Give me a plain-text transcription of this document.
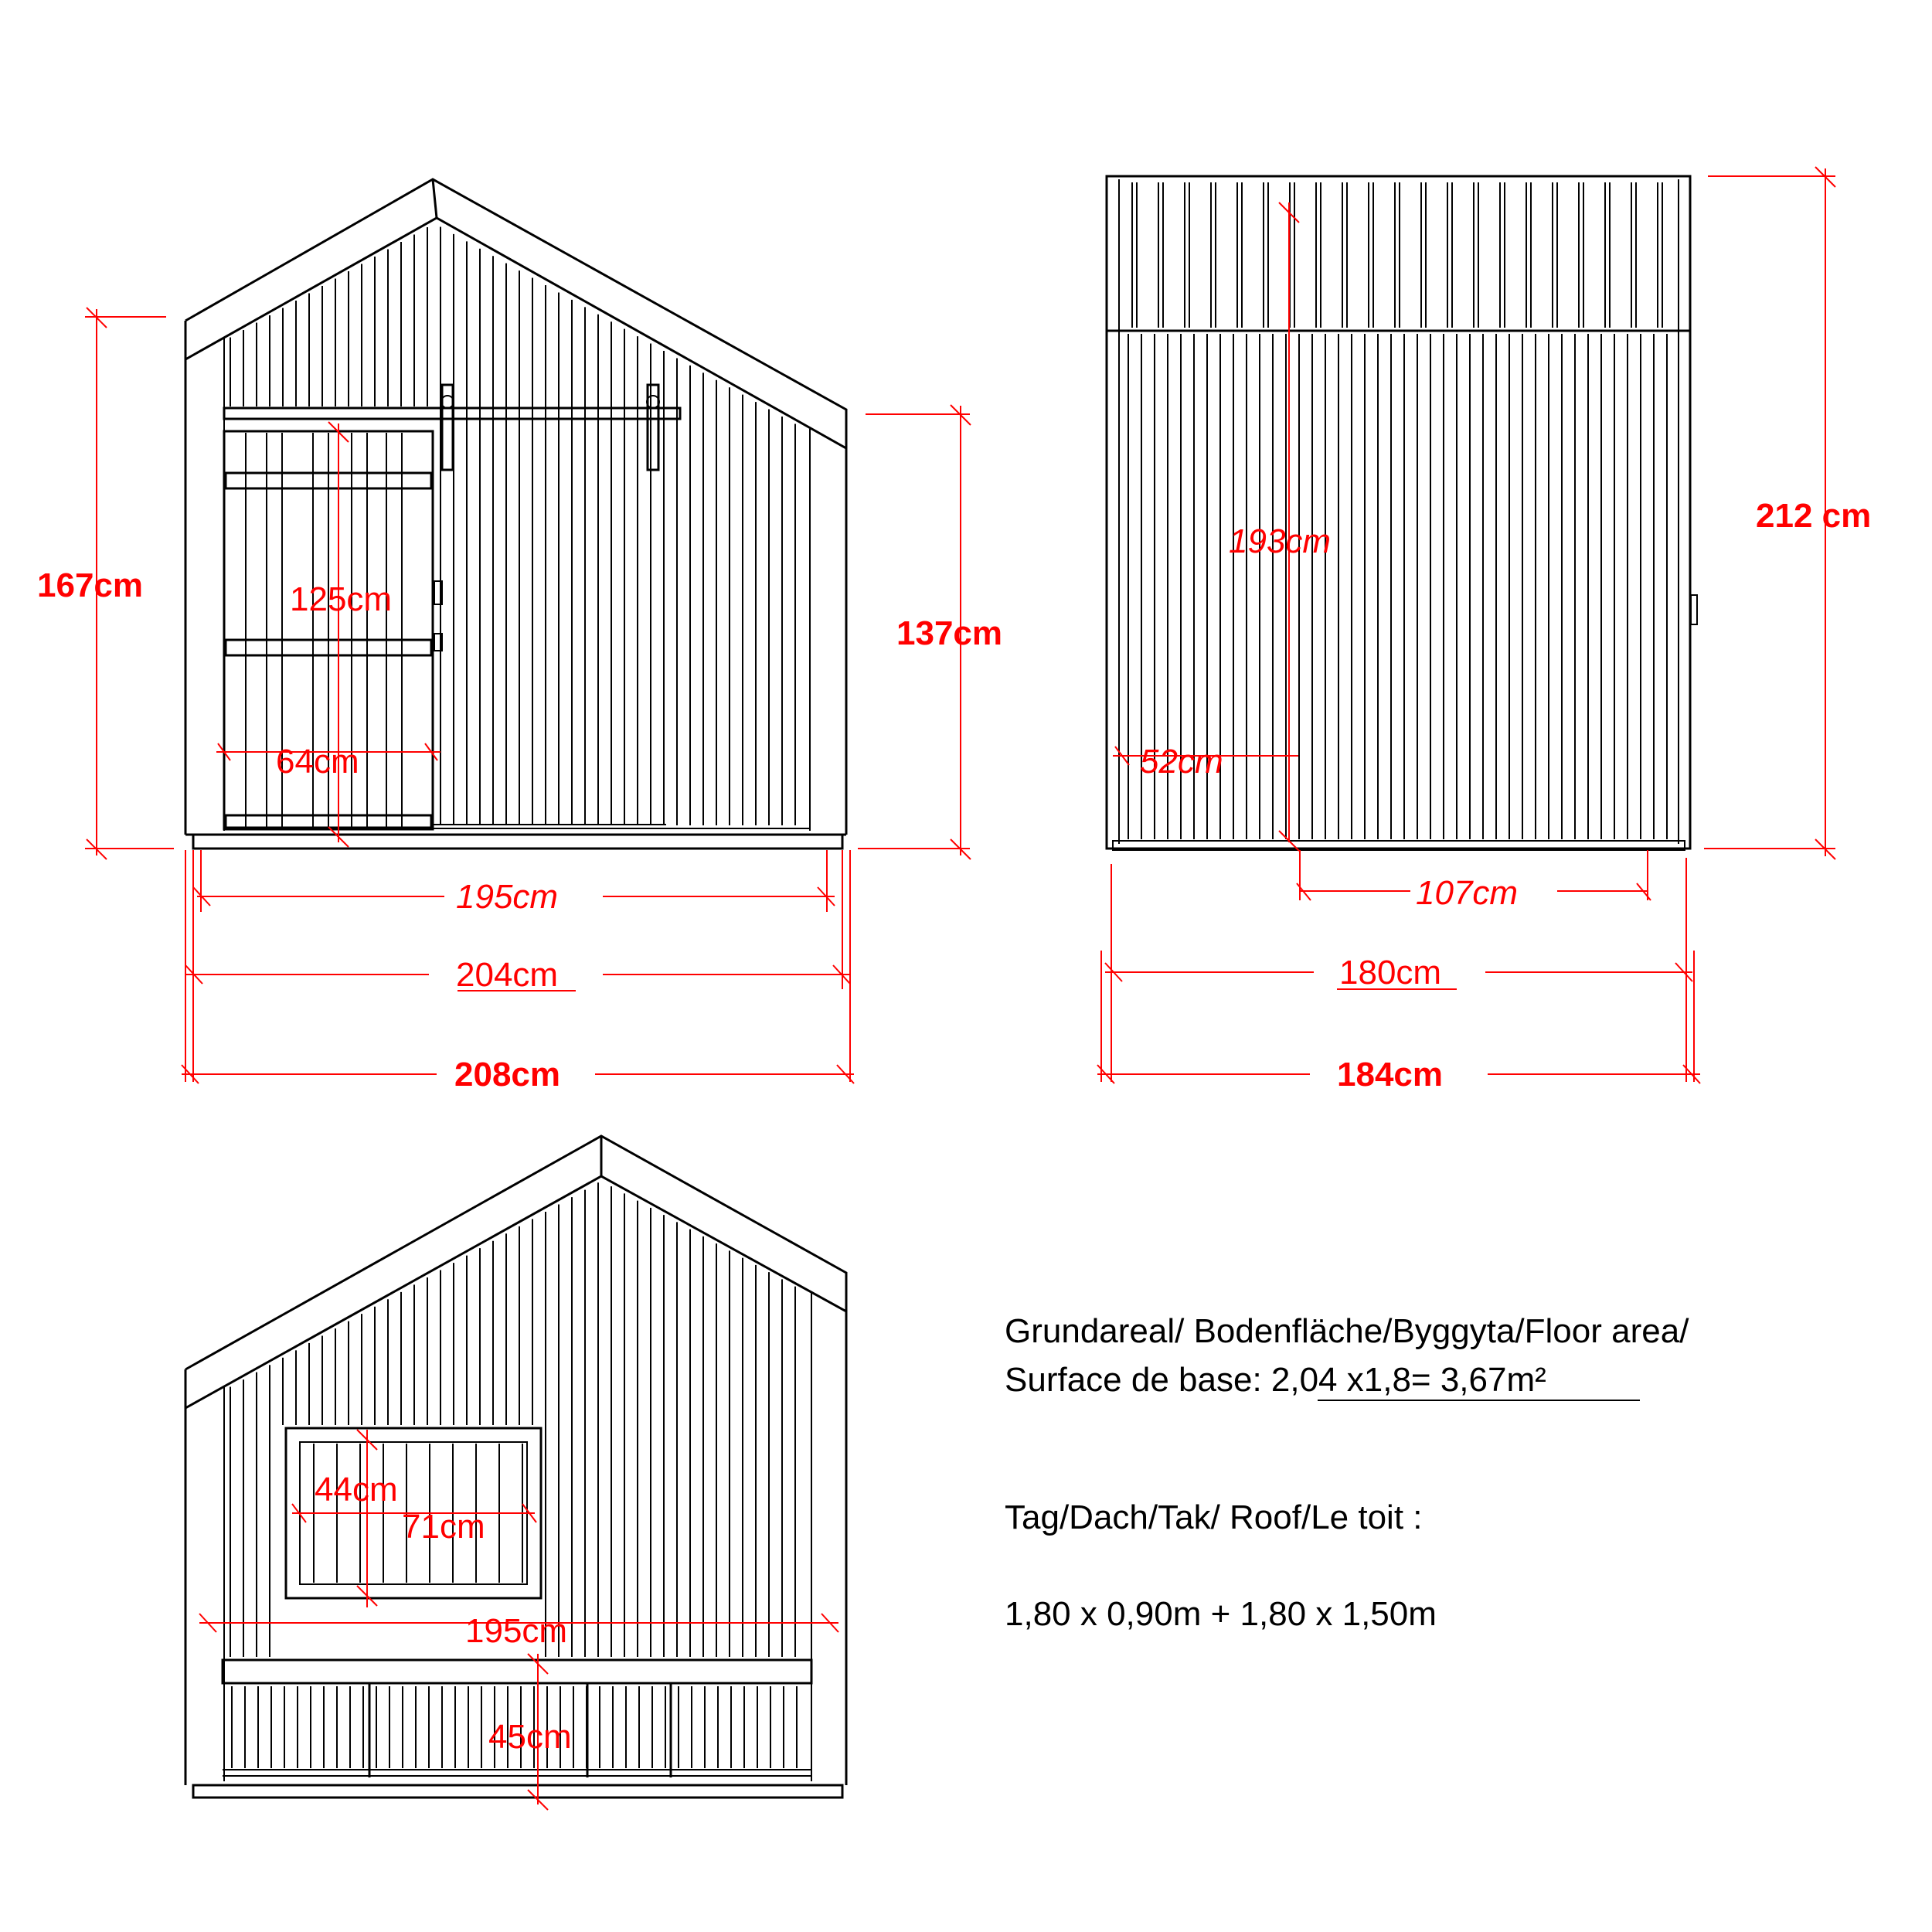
167cm
137cm
125cm
64cm
195cm
204cm
208cm
212 cm
193cm
52cm
107cm
180cm
184cm
44cm
71cm
195cm
45cm
Grundareal/ Bodenfläche/Byggyta/Floor area/
Surface de base: 2,04 x1,8= 3,67m²
Tag/Dach/Tak/ Roof/Le toit :
1,80 x 0,90m + 1,80 x 1,50m
